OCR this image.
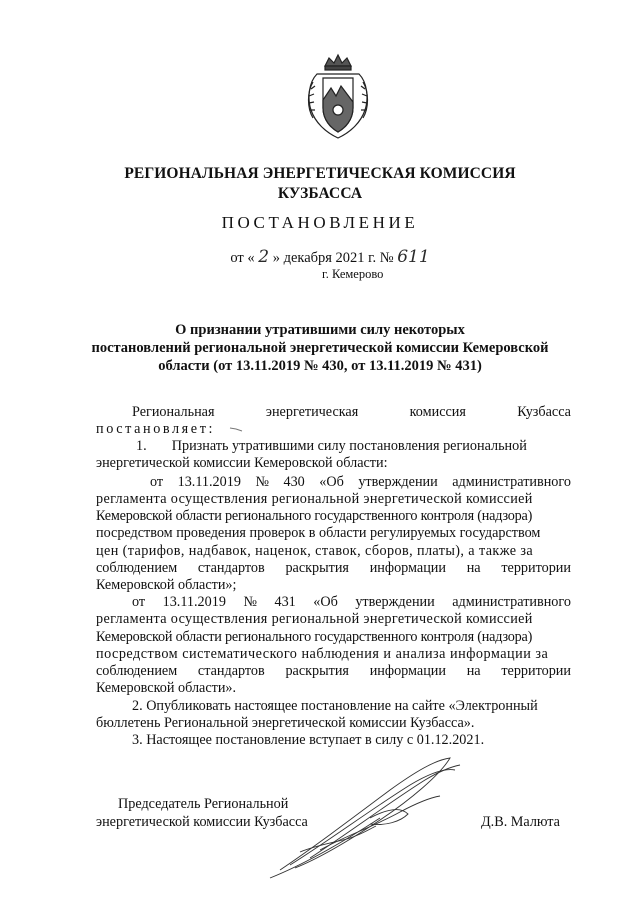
РЕГИОНАЛЬНАЯ ЭНЕРГЕТИЧЕСКАЯ КОМИССИЯ
КУЗБАССА
ПОСТАНОВЛЕНИЕ
от « 2 » декабря 2021 г. № 611
г. Кемерово
О признании утратившими силу некоторых
постановлений региональной энергетической комиссии Кемеровской
области (от 13.11.2019 № 430, от 13.11.2019 № 431)
Региональная	энергетическая	комиссия	Кузбасса
постановляет:
1. Признать утратившими силу постановления региональной
энергетической комиссии Кемеровской области:
от 13.11.2019 № 430 «Об утверждении административного
регламента осуществления региональной энергетической комиссией
Кемеровской области регионального государственного контроля (надзора)
посредством проведения проверок в области регулируемых государством
цен (тарифов, надбавок, наценок, ставок, сборов, платы), а также за
соблюдением стандартов раскрытия информации на территории
Кемеровской области»;
от 13.11.2019 № 431 «Об утверждении административного
регламента осуществления региональной энергетической комиссией
Кемеровской области регионального государственного контроля (надзора)
посредством систематического наблюдения и анализа информации за
соблюдением стандартов раскрытия информации на территории
Кемеровской области».
2. Опубликовать настоящее постановление на сайте «Электронный
бюллетень Региональной энергетической комиссии Кузбасса».
3. Настоящее постановление вступает в силу с 01.12.2021.
Председатель Региональной
энергетической комиссии Кузбасса	Д.В. Малюта
